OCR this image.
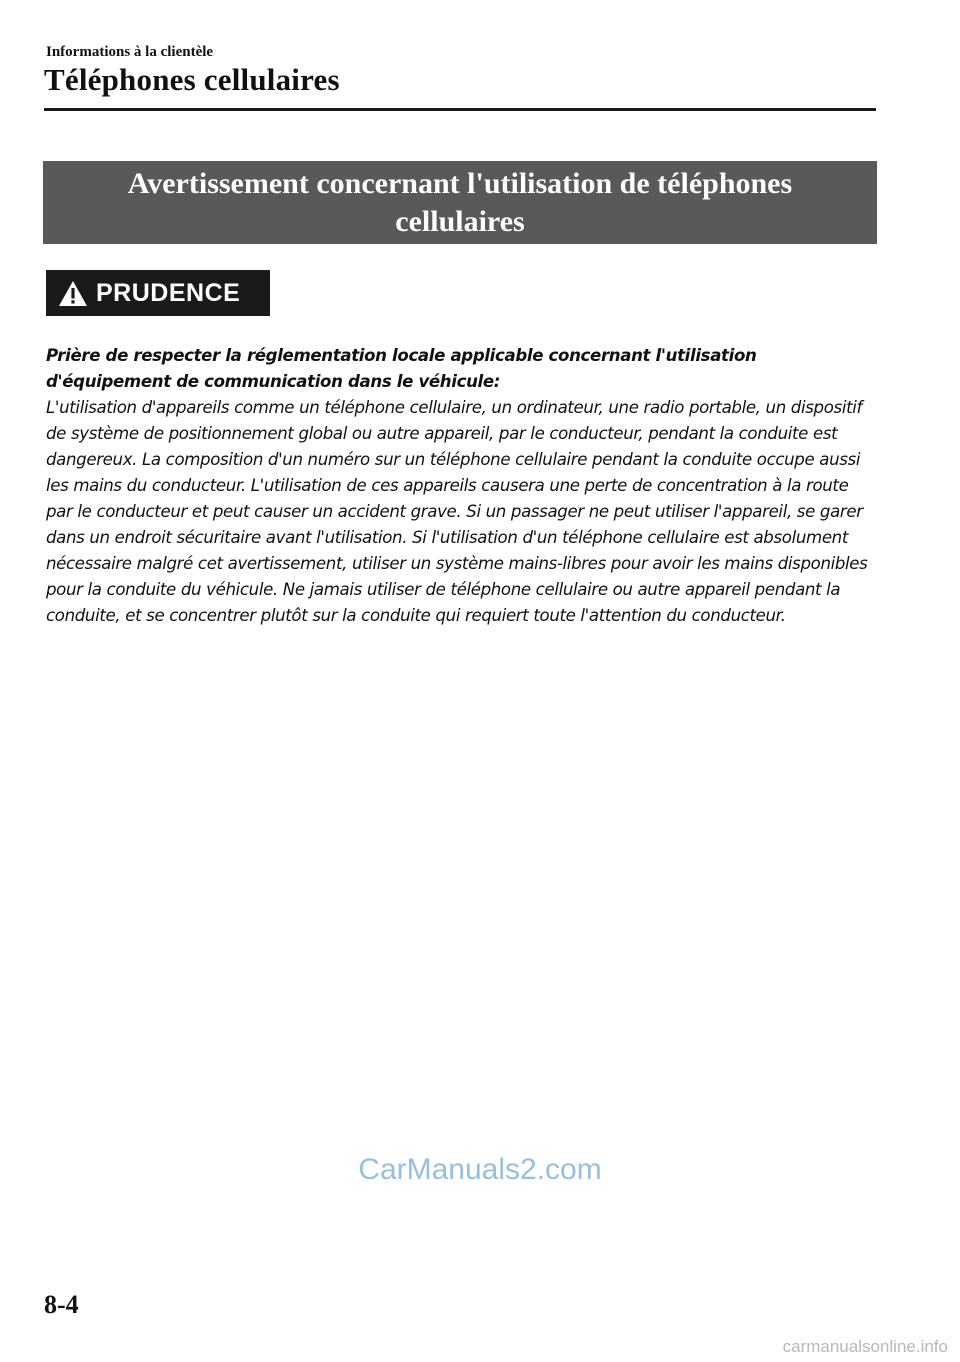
Informations à la clientèle
Téléphones cellulaires
Avertissement concernant l'utilisation de téléphones cellulaires
PRUDENCE
Prière de respecter la réglementation locale applicable concernant l'utilisation d'équipement de communication dans le véhicule:
L'utilisation d'appareils comme un téléphone cellulaire, un ordinateur, une radio portable, un dispositif de système de positionnement global ou autre appareil, par le conducteur, pendant la conduite est dangereux. La composition d'un numéro sur un téléphone cellulaire pendant la conduite occupe aussi les mains du conducteur. L'utilisation de ces appareils causera une perte de concentration à la route par le conducteur et peut causer un accident grave. Si un passager ne peut utiliser l'appareil, se garer dans un endroit sécuritaire avant l'utilisation. Si l'utilisation d'un téléphone cellulaire est absolument nécessaire malgré cet avertissement, utiliser un système mains-libres pour avoir les mains disponibles pour la conduite du véhicule. Ne jamais utiliser de téléphone cellulaire ou autre appareil pendant la conduite, et se concentrer plutôt sur la conduite qui requiert toute l'attention du conducteur.
CarManuals2.com
8-4
carmanualsonline.info
